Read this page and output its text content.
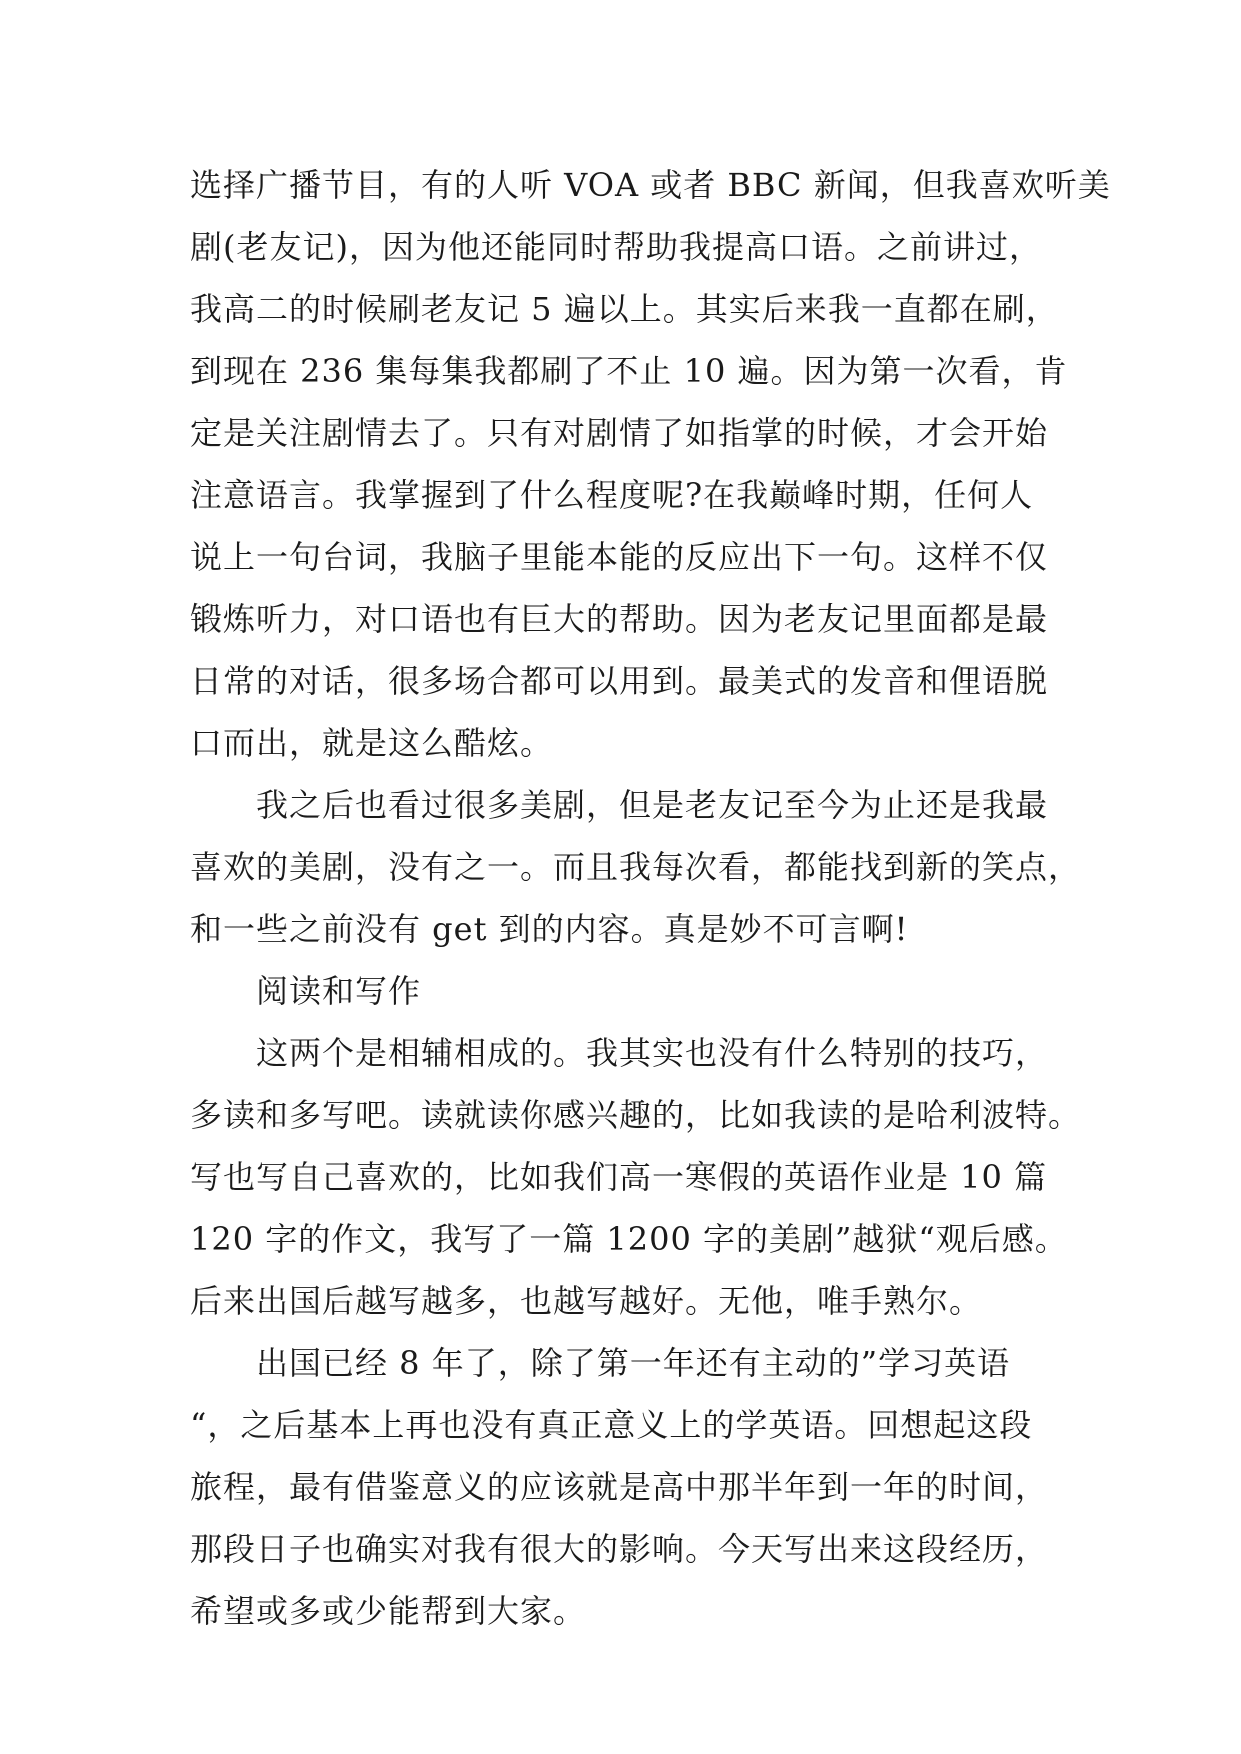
选择广播节目，有的人听 VOA 或者 BBC 新闻，但我喜欢听美
剧(老友记)，因为他还能同时帮助我提高口语。之前讲过，
我高二的时候刷老友记 5 遍以上。其实后来我一直都在刷，
到现在 236 集每集我都刷了不止 10 遍。因为第一次看，肯
定是关注剧情去了。只有对剧情了如指掌的时候，才会开始
注意语言。我掌握到了什么程度呢?在我巅峰时期，任何人
说上一句台词，我脑子里能本能的反应出下一句。这样不仅
锻炼听力，对口语也有巨大的帮助。因为老友记里面都是最
日常的对话，很多场合都可以用到。最美式的发音和俚语脱
口而出，就是这么酷炫。
我之后也看过很多美剧，但是老友记至今为止还是我最
喜欢的美剧，没有之一。而且我每次看，都能找到新的笑点，
和一些之前没有 get 到的内容。真是妙不可言啊!
阅读和写作
这两个是相辅相成的。我其实也没有什么特别的技巧，
多读和多写吧。读就读你感兴趣的，比如我读的是哈利波特。
写也写自己喜欢的，比如我们高一寒假的英语作业是 10 篇
120 字的作文，我写了一篇 1200 字的美剧”越狱“观后感。
后来出国后越写越多，也越写越好。无他，唯手熟尔。
出国已经 8 年了，除了第一年还有主动的”学习英语
“，之后基本上再也没有真正意义上的学英语。回想起这段
旅程，最有借鉴意义的应该就是高中那半年到一年的时间，
那段日子也确实对我有很大的影响。今天写出来这段经历，
希望或多或少能帮到大家。
